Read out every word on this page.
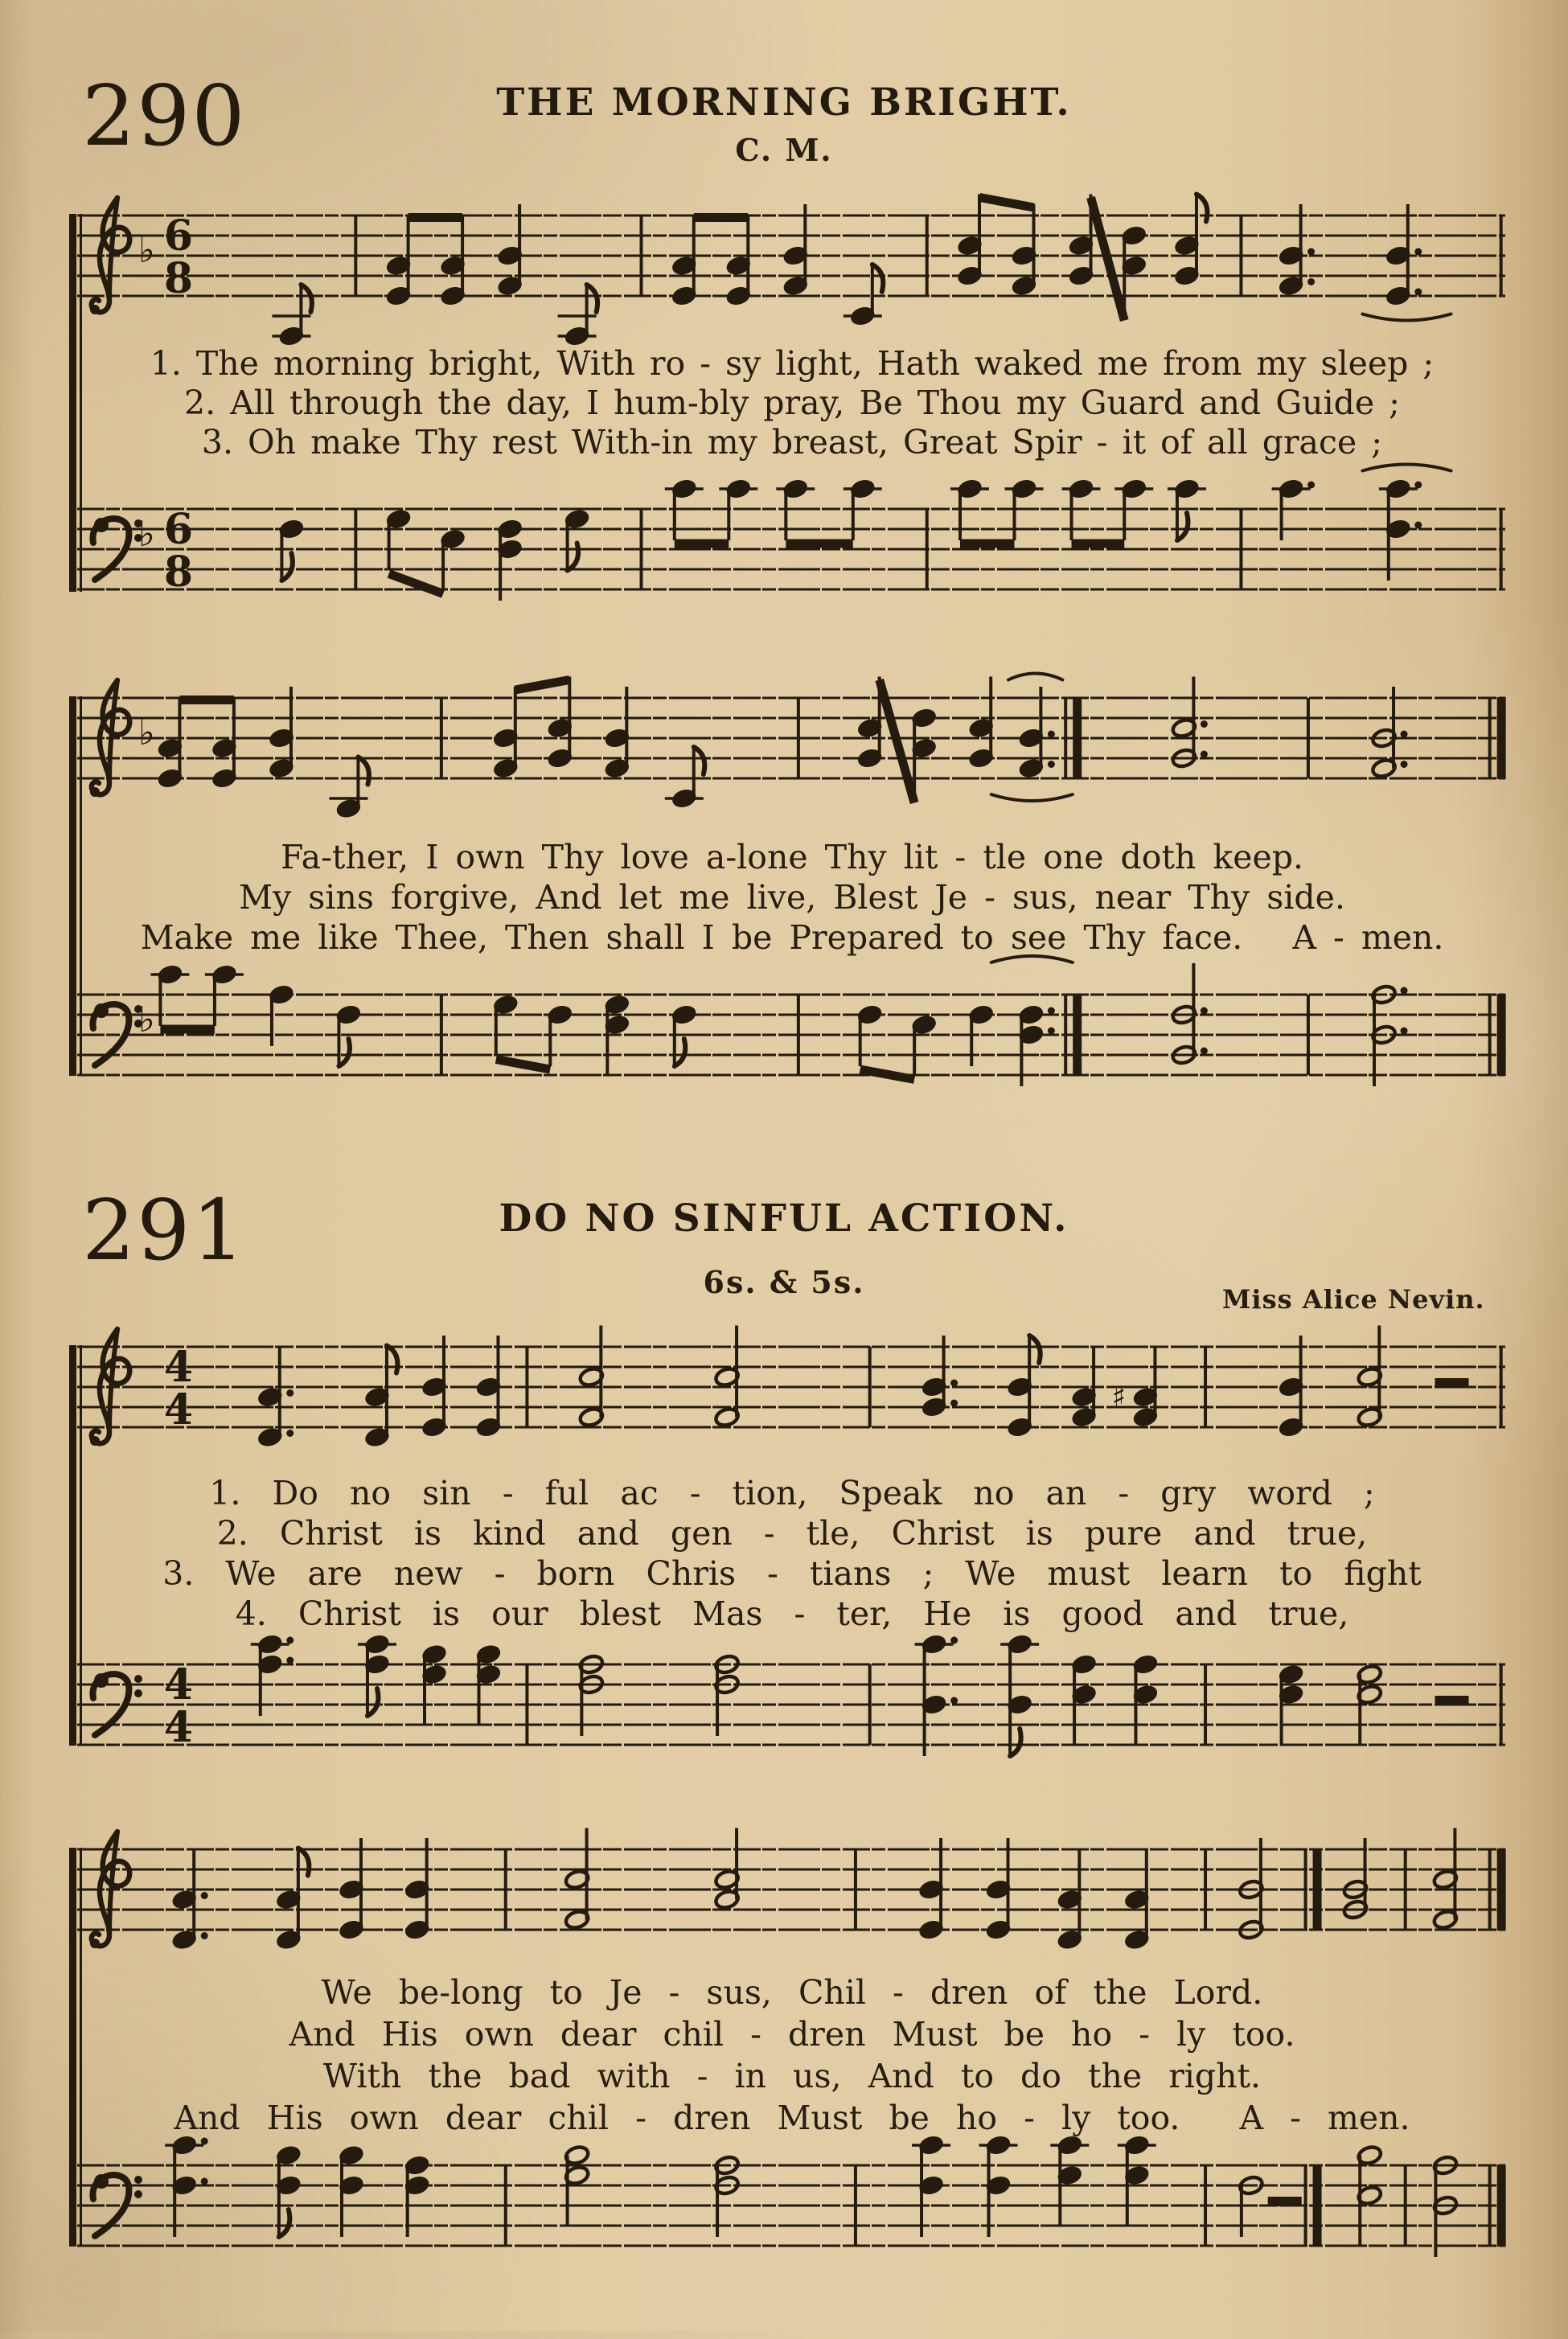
290	THE MORNING BRIGHT.
C. M.
♭ 6
8
♭ 6
8
♭
♭
4
4	♯
4
4
1. The morning bright, With ro - sy light, Hath waked me from my sleep ;
2. All through the day, I hum-bly pray, Be Thou my Guard and Guide ;
3. Oh make Thy rest With-in my breast, Great Spir - it of all grace ;
Fa-ther, I own Thy love a-lone Thy lit - tle one doth keep.
My sins forgive, And let me live, Blest Je - sus, near Thy side.
Make me like Thee, Then shall I be Prepared to see Thy face.  A - men.
291	DO NO SINFUL ACTION.
6s. & 5s.	Miss Alice Nevin.
1. Do no sin - ful ac - tion, Speak no an - gry word ;
2. Christ is kind and gen - tle, Christ is pure and true,
3. We are new - born Chris - tians ; We must learn to fight
4. Christ is our blest Mas - ter, He is good and true,
We be-long to Je - sus, Chil - dren of the Lord.
And His own dear chil - dren Must be ho - ly too.
With the bad with - in us, And to do the right.
And His own dear chil - dren Must be ho - ly too.  A - men.
